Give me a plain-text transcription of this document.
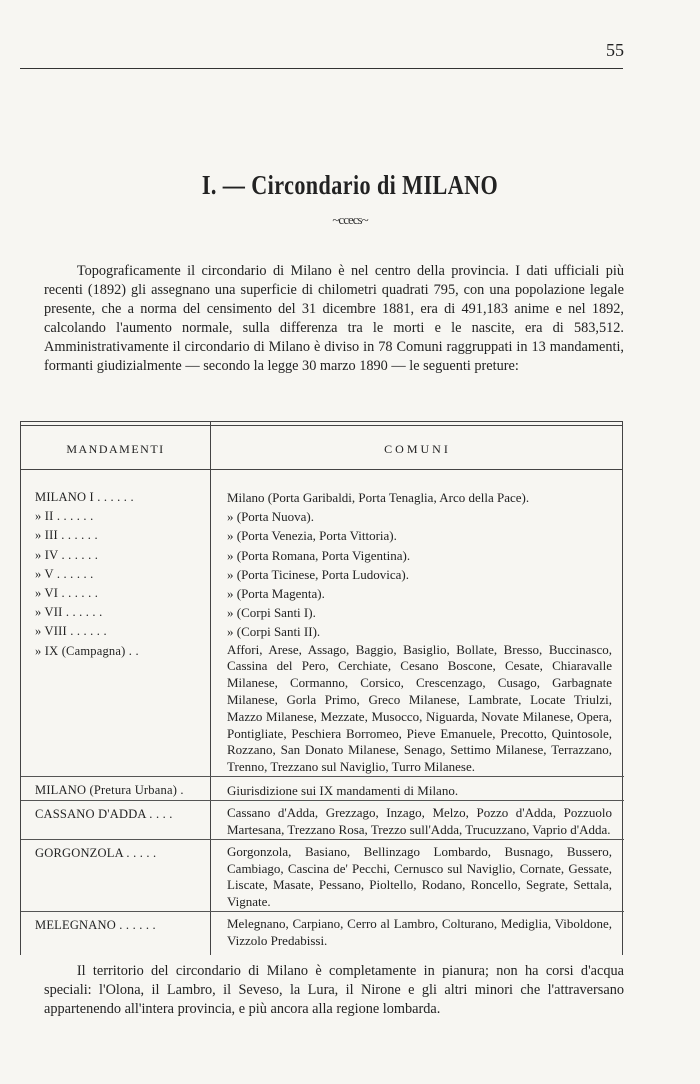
55
I. — Circondario di MILANO
~ccecs~

Topograficamente il circondario di Milano è nel centro della provincia. I dati ufficiali più recenti (1892) gli assegnano una superficie di chilometri quadrati 795, con una popolazione legale presente, che a norma del censimento del 31 dicembre 1881, era di 491,183 anime e nel 1892, calcolando l'aumento normale, sulla differenza tra le morti e le nascite, era di 583,512. Amministrativamente il circondario di Milano è diviso in 78 Comuni raggruppati in 13 mandamenti, formanti giudizialmente — secondo la legge 30 marzo 1890 — le seguenti preture:

MANDAMENTI	COMUNI
MILANO I . . . . . .	Milano (Porta Garibaldi, Porta Tenaglia, Arco della Pace).
» II . . . . . .	» (Porta Nuova).
» III . . . . . .	» (Porta Venezia, Porta Vittoria).
» IV . . . . . .	» (Porta Romana, Porta Vigentina).
» V . . . . . .	» (Porta Ticinese, Porta Ludovica).
» VI . . . . . .	» (Porta Magenta).
» VII . . . . . .	» (Corpi Santi I).
» VIII . . . . . .	» (Corpi Santi II).
» IX (Campagna) . .	Affori, Arese, Assago, Baggio, Basiglio, Bollate, Bresso, Buccinasco, Cassina del Pero, Cerchiate, Cesano Boscone, Cesate, Chiaravalle Milanese, Cormanno, Corsico, Crescenzago, Cusago, Garbagnate Milanese, Gorla Primo, Greco Milanese, Lambrate, Locate Triulzi, Mazzo Milanese, Mezzate, Musocco, Niguarda, Novate Milanese, Opera, Pontigliate, Peschiera Borromeo, Pieve Emanuele, Precotto, Quintosole, Rozzano, San Donato Milanese, Senago, Settimo Milanese, Terrazzano, Trenno, Trezzano sul Naviglio, Turro Milanese.
MILANO (Pretura Urbana) .	Giurisdizione sui IX mandamenti di Milano.
CASSANO D'ADDA . . . .	Cassano d'Adda, Grezzago, Inzago, Melzo, Pozzo d'Adda, Pozzuolo Martesana, Trezzano Rosa, Trezzo sull'Adda, Trucuzzano, Vaprio d'Adda.
GORGONZOLA . . . . .	Gorgonzola, Basiano, Bellinzago Lombardo, Busnago, Bussero, Cambiago, Cascina de' Pecchi, Cernusco sul Naviglio, Cornate, Gessate, Liscate, Masate, Pessano, Pioltello, Rodano, Roncello, Segrate, Settala, Vignate.
MELEGNANO . . . . . .	Melegnano, Carpiano, Cerro al Lambro, Colturano, Mediglia, Viboldone, Vizzolo Predabissi.

Il territorio del circondario di Milano è completamente in pianura; non ha corsi d'acqua speciali: l'Olona, il Lambro, il Seveso, la Lura, il Nirone e gli altri minori che l'attraversano appartenendo all'intera provincia, e più ancora alla regione lombarda.
